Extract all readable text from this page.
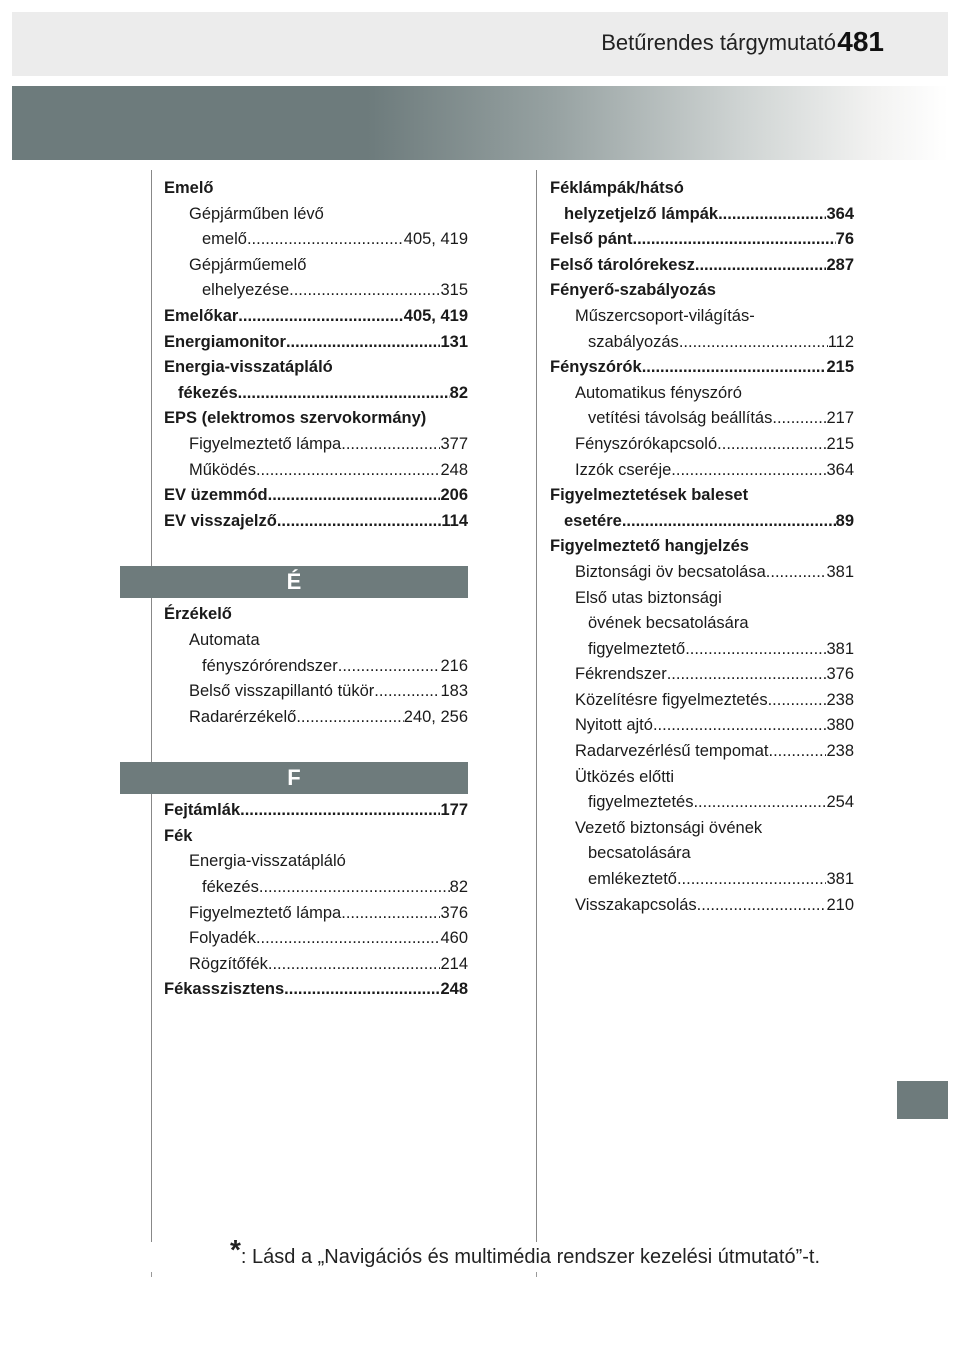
Betűrendes tárgymutató 481
Emelő
Gépjárműben lévő
emelő .....	405, 419
Gépjárműemelő
elhelyezése .....	315
Emelőkar .....	405, 419
Energiamonitor .....	131
Energia-visszatápláló
fékezés .....	82
EPS (elektromos szervokormány)
Figyelmeztető lámpa .....	377
Működés .....	248
EV üzemmód .....	206
EV visszajelző .....	114
É
Érzékelő
Automata
fényszórórendszer .....	216
Belső visszapillantó tükör .....	183
Radarérzékelő .....	240, 256
F
Fejtámlák .....	177
Fék
Energia-visszatápláló
fékezés .....	82
Figyelmeztető lámpa .....	376
Folyadék .....	460
Rögzítőfék .....	214
Fékasszisztens .....	248
Féklámpák/hátsó
helyzetjelző lámpák .....	364
Felső pánt .....	76
Felső tárolórekesz .....	287
Fényerő-szabályozás
Műszercsoport-világítás-
szabályozás .....	112
Fényszórók .....	215
Automatikus fényszóró
vetítési távolság beállítás .....	217
Fényszórókapcsoló .....	215
Izzók cseréje .....	364
Figyelmeztetések baleset
esetére .....	89
Figyelmeztető hangjelzés
Biztonsági öv becsatolása .....	381
Első utas biztonsági
övének becsatolására
figyelmeztető .....	381
Fékrendszer .....	376
Közelítésre figyelmeztetés .....	238
Nyitott ajtó .....	380
Radarvezérlésű tempomat .....	238
Ütközés előtti
figyelmeztetés .....	254
Vezető biztonsági övének
becsatolására
emlékeztető .....	381
Visszakapcsolás .....	210
*: Lásd a „Navigációs és multimédia rendszer kezelési útmutató”-t.
